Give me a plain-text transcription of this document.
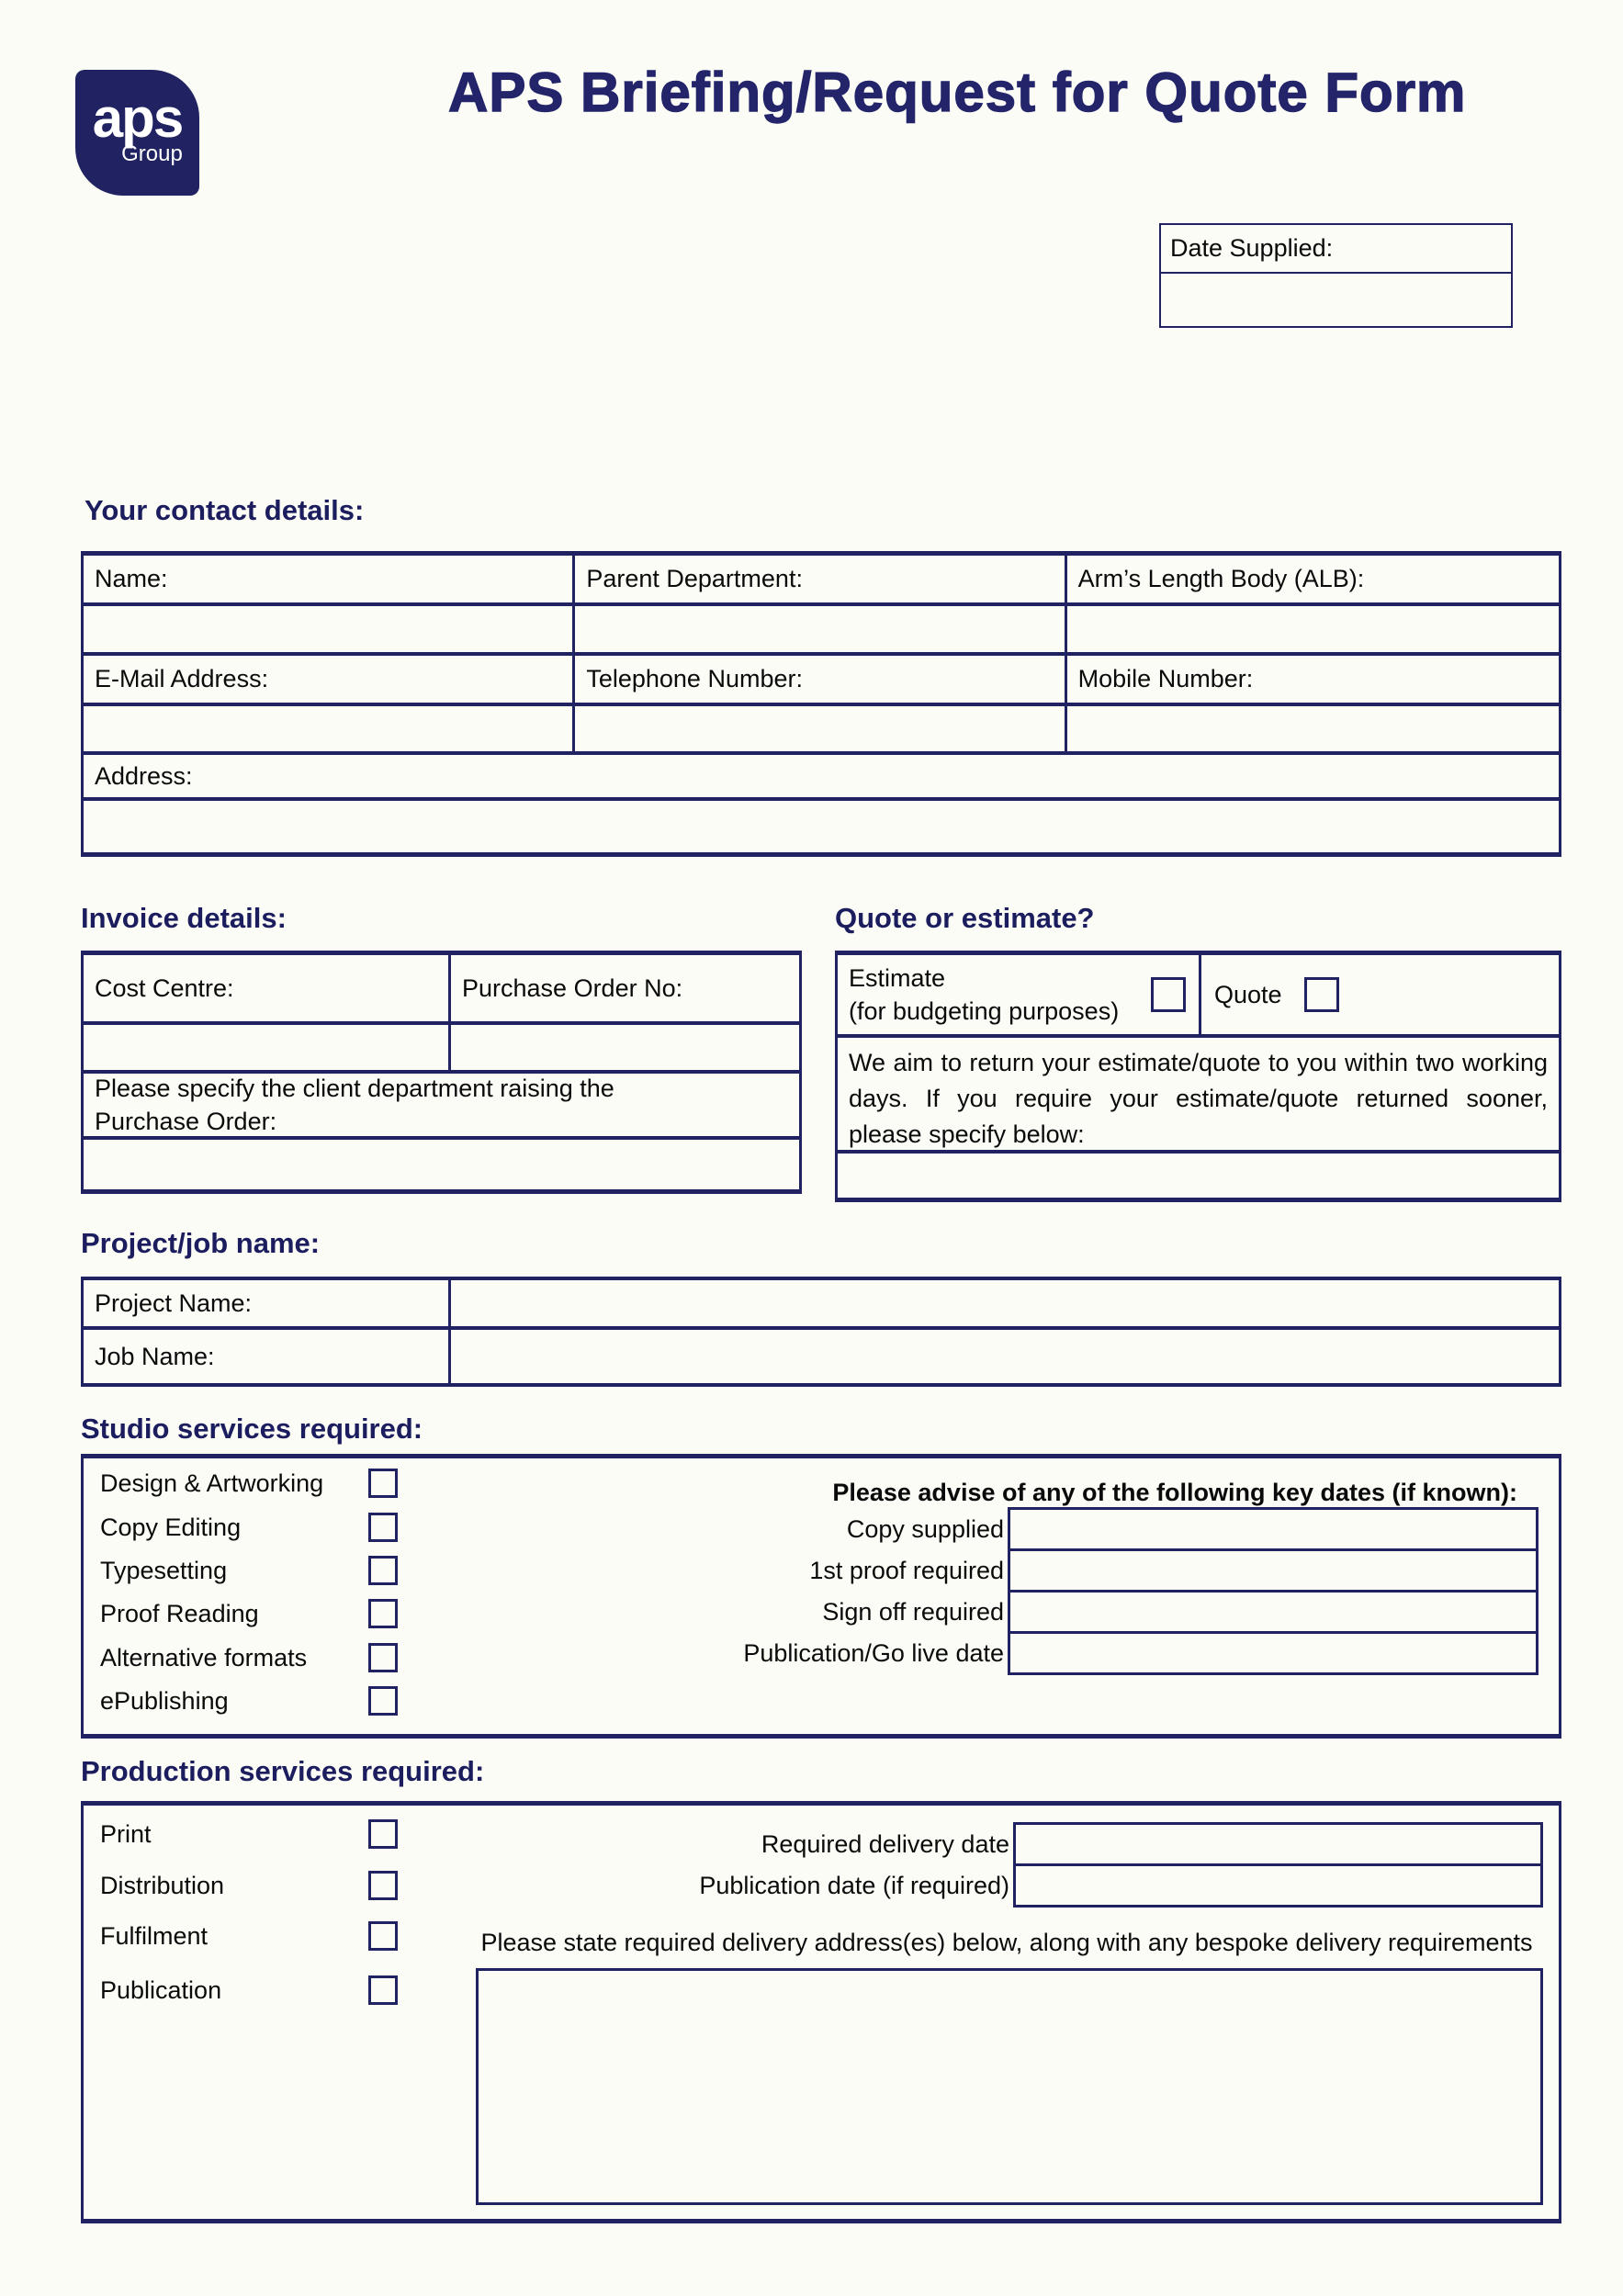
aps
Group
APS Briefing/Request for Quote Form
Date Supplied:
Your contact details:
Name:	Parent Department:	Arm’s Length Body (ALB):
E-Mail Address:	Telephone Number:	Mobile Number:
Address:
Invoice details:
Cost Centre:	Purchase Order No:
Please specify the client department raising the Purchase Order:
Quote or estimate?
Estimate
(for budgeting purposes)
Quote
We aim to return your estimate/quote to you within two working days. If you require your estimate/quote returned sooner, please specify below:
Project/job name:
Project Name:
Job Name:
Studio services required:
Design & Artworking
Copy Editing
Typesetting
Proof Reading
Alternative formats
ePublishing
Please advise of any of the following key dates (if known):
Copy supplied
1st proof required
Sign off required
Publication/Go live date
Production services required:
Print
Distribution
Fulfilment
Publication
Required delivery date
Publication date (if required)
Please state required delivery address(es) below, along with any bespoke delivery requirements
